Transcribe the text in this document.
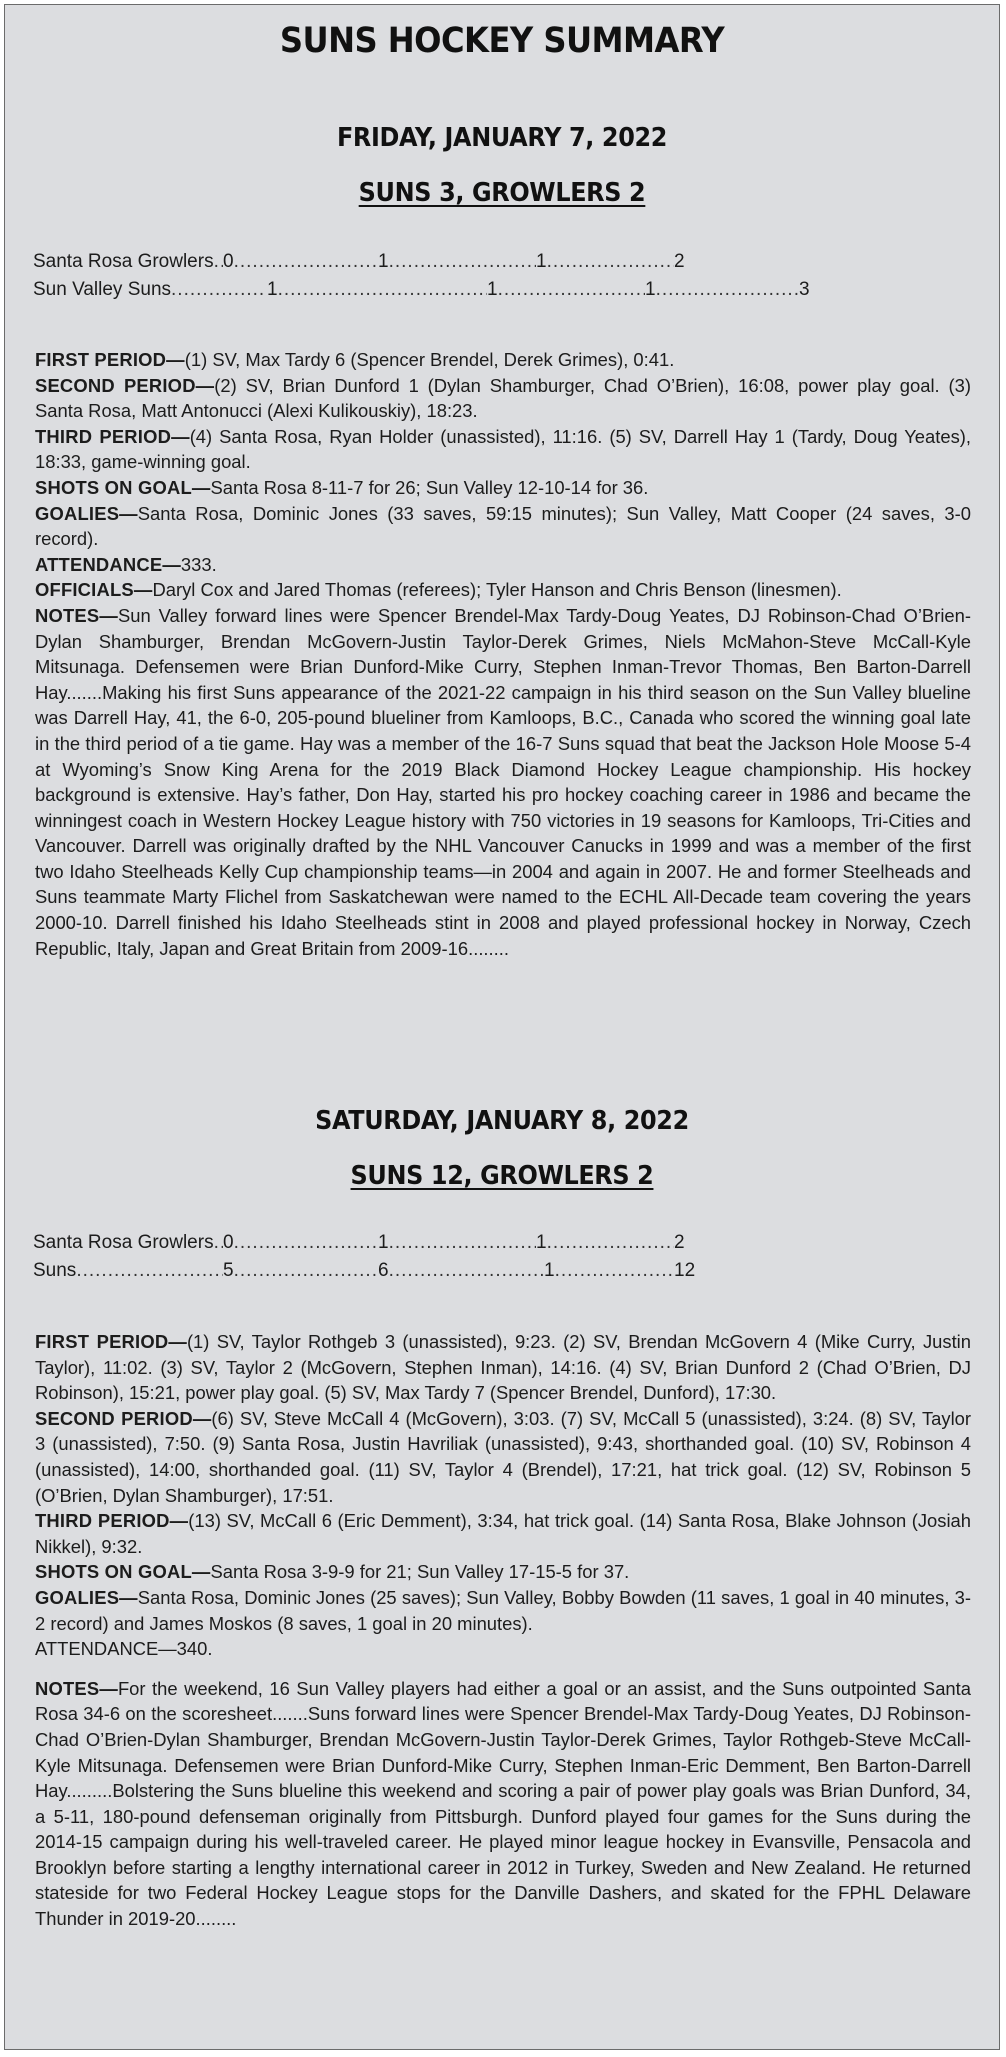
SUNS HOCKEY SUMMARY
FRIDAY, JANUARY 7, 2022
SUNS 3, GROWLERS 2
Santa Rosa Growlers ..... 0 .....	1 .....	1 .....	2
Sun Valley Suns .....	1 .....	1 .....	1 .....	3

FIRST PERIOD—(1) SV, Max Tardy 6 (Spencer Brendel, Derek Grimes), 0:41.

SECOND PERIOD—(2) SV, Brian Dunford 1 (Dylan Shamburger, Chad O’Brien), 16:08, power play goal. (3) Santa Rosa, Matt Antonucci (Alexi Kulikouskiy), 18:23.

THIRD PERIOD—(4) Santa Rosa, Ryan Holder (unassisted), 11:16. (5) SV, Darrell Hay 1 (Tardy, Doug Yeates), 18:33, game-winning goal.

SHOTS ON GOAL—Santa Rosa 8-11-7 for 26; Sun Valley 12-10-14 for 36.

GOALIES—Santa Rosa, Dominic Jones (33 saves, 59:15 minutes); Sun Valley, Matt Cooper (24 saves, 3-0 record).

ATTENDANCE—333.

OFFICIALS—Daryl Cox and Jared Thomas (referees); Tyler Hanson and Chris Benson (linesmen).

NOTES—Sun Valley forward lines were Spencer Brendel-Max Tardy-Doug Yeates, DJ Robinson-Chad O’Brien-Dylan Shamburger, Brendan McGovern-Justin Taylor-Derek Grimes, Niels McMahon-Steve McCall-Kyle Mitsunaga. Defensemen were Brian Dunford-Mike Curry, Stephen Inman-Trevor Thomas, Ben Barton-Darrell Hay.......Making his first Suns appearance of the 2021-22 campaign in his third season on the Sun Valley blueline was Darrell Hay, 41, the 6-0, 205-pound blueliner from Kamloops, B.C., Canada who scored the winning goal late in the third period of a tie game. Hay was a member of the 16-7 Suns squad that beat the Jackson Hole Moose 5-4 at Wyoming’s Snow King Arena for the 2019 Black Diamond Hockey League championship. His hockey background is extensive. Hay’s father, Don Hay, started his pro hockey coaching career in 1986 and became the winningest coach in Western Hockey League history with 750 victories in 19 seasons for Kamloops, Tri-Cities and Vancouver. Darrell was originally drafted by the NHL Vancouver Canucks in 1999 and was a member of the first two Idaho Steelheads Kelly Cup championship teams—in 2004 and again in 2007. He and former Steelheads and Suns teammate Marty Flichel from Saskatchewan were named to the ECHL All-Decade team covering the years 2000-10. Darrell finished his Idaho Steelheads stint in 2008 and played professional hockey in Norway, Czech Republic, Italy, Japan and Great Britain from 2009-16........

SATURDAY, JANUARY 8, 2022
SUNS 12, GROWLERS 2
Santa Rosa Growlers ..... 0 .....	1 .....	1 .....	2
Suns .....	5 .....	6 .....	1 .....	12

FIRST PERIOD—(1) SV, Taylor Rothgeb 3 (unassisted), 9:23. (2) SV, Brendan McGovern 4 (Mike Curry, Justin Taylor), 11:02. (3) SV, Taylor 2 (McGovern, Stephen Inman), 14:16. (4) SV, Brian Dunford 2 (Chad O’Brien, DJ Robinson), 15:21, power play goal. (5) SV, Max Tardy 7 (Spencer Brendel, Dunford), 17:30.

SECOND PERIOD—(6) SV, Steve McCall 4 (McGovern), 3:03. (7) SV, McCall 5 (unassisted), 3:24. (8) SV, Taylor 3 (unassisted), 7:50. (9) Santa Rosa, Justin Havriliak (unassisted), 9:43, shorthanded goal. (10) SV, Robinson 4 (unassisted), 14:00, shorthanded goal. (11) SV, Taylor 4 (Brendel), 17:21, hat trick goal. (12) SV, Robinson 5 (O’Brien, Dylan Shamburger), 17:51.

THIRD PERIOD—(13) SV, McCall 6 (Eric Demment), 3:34, hat trick goal. (14) Santa Rosa, Blake Johnson (Josiah Nikkel), 9:32.

SHOTS ON GOAL—Santa Rosa 3-9-9 for 21; Sun Valley 17-15-5 for 37.

GOALIES—Santa Rosa, Dominic Jones (25 saves); Sun Valley, Bobby Bowden (11 saves, 1 goal in 40 minutes, 3-2 record) and James Moskos (8 saves, 1 goal in 20 minutes).

ATTENDANCE—340.

NOTES—For the weekend, 16 Sun Valley players had either a goal or an assist, and the Suns outpointed Santa Rosa 34-6 on the scoresheet.......Suns forward lines were Spencer Brendel-Max Tardy-Doug Yeates, DJ Robinson-Chad O’Brien-Dylan Shamburger, Brendan McGovern-Justin Taylor-Derek Grimes, Taylor Rothgeb-Steve McCall-Kyle Mitsunaga. Defensemen were Brian Dunford-Mike Curry, Stephen Inman-Eric Demment, Ben Barton-Darrell Hay.........Bolstering the Suns blueline this weekend and scoring a pair of power play goals was Brian Dunford, 34, a 5-11, 180-pound defenseman originally from Pittsburgh. Dunford played four games for the Suns during the 2014-15 campaign during his well-traveled career. He played minor league hockey in Evansville, Pensacola and Brooklyn before starting a lengthy international career in 2012 in Turkey, Sweden and New Zealand. He returned stateside for two Federal Hockey League stops for the Danville Dashers, and skated for the FPHL Delaware Thunder in 2019-20........
